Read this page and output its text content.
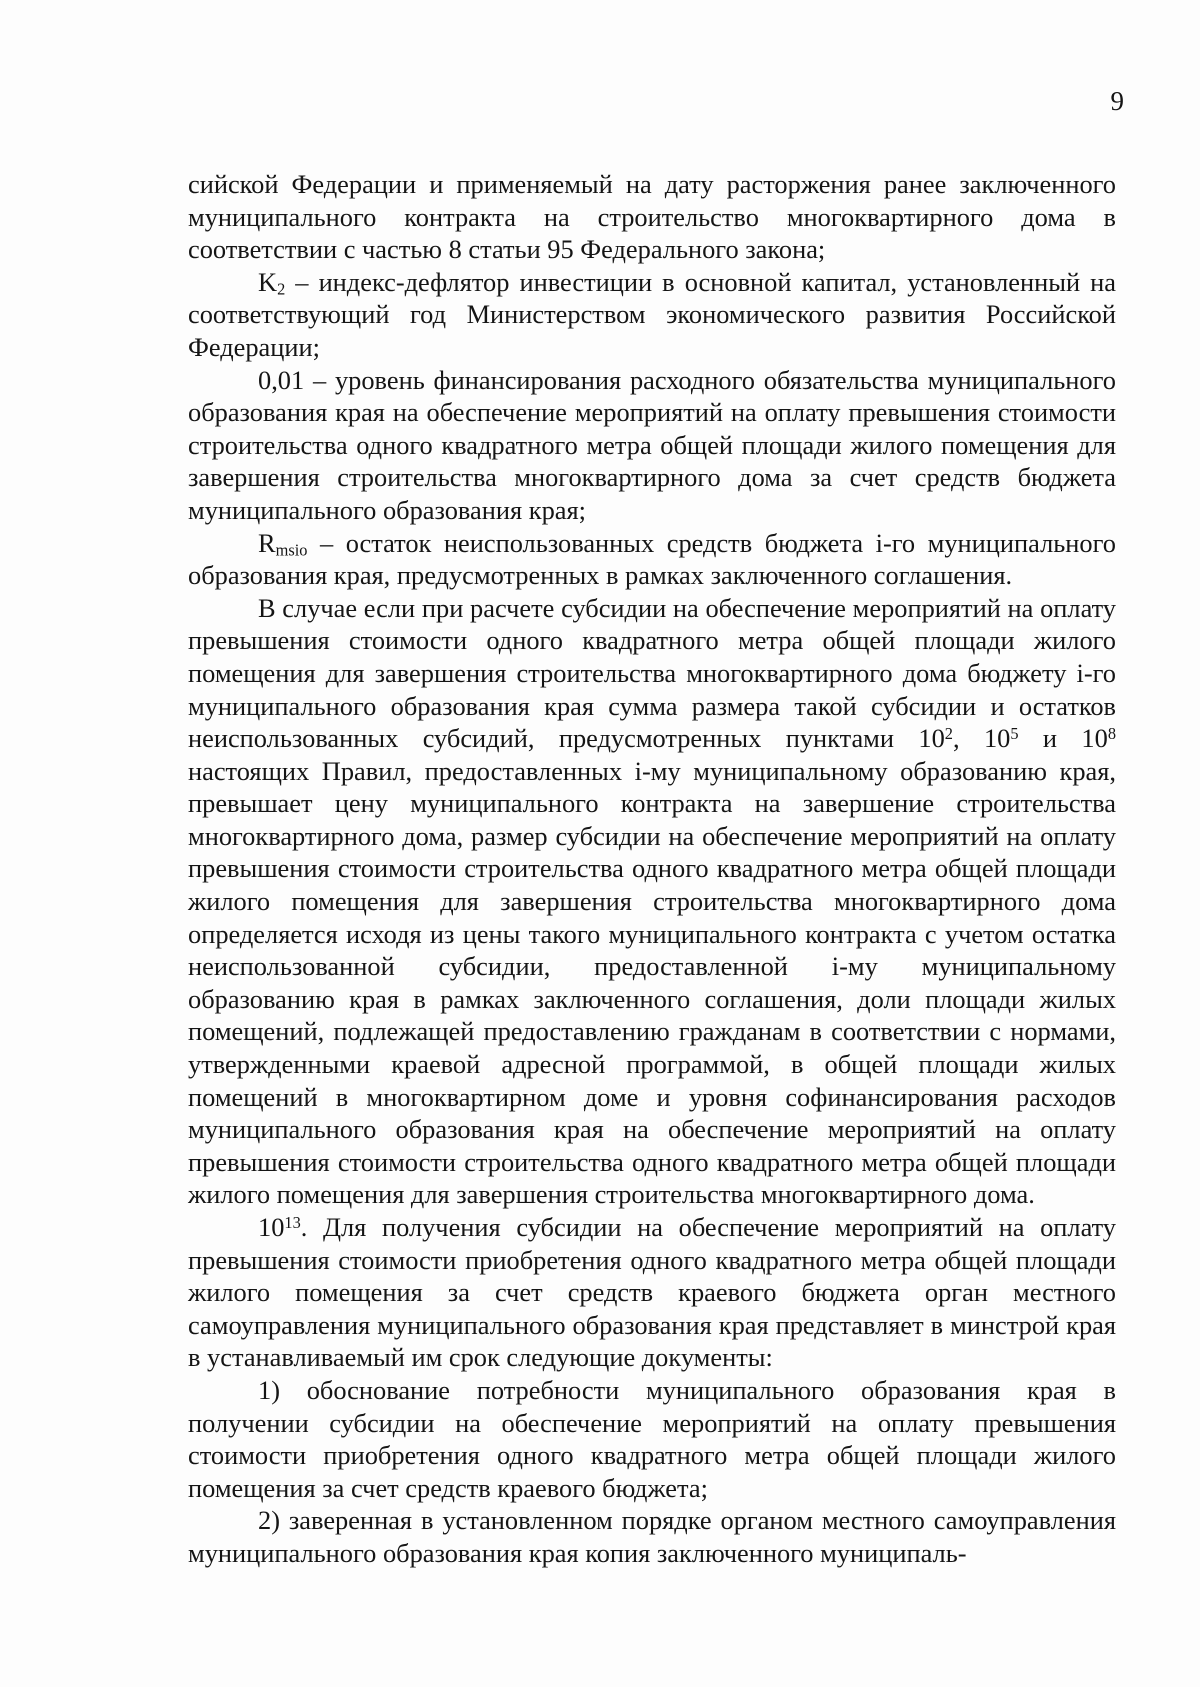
9

сийской Федерации и применяемый на дату расторжения ранее заключенного муниципального контракта на строительство многоквартирного дома в соответствии с частью 8 статьи 95 Федерального закона;

$K_2$ – индекс-дефлятор инвестиции в основной капитал, установленный на соответствующий год Министерством экономического развития Российской Федерации;

0,01 – уровень финансирования расходного обязательства муниципального образования края на обеспечение мероприятий на оплату превышения стоимости строительства одного квадратного метра общей площади жилого помещения для завершения строительства многоквартирного дома за счет средств бюджета муниципального образования края;

$R_{msio}$ – остаток неиспользованных средств бюджета i-го муниципального образования края, предусмотренных в рамках заключенного соглашения.

В случае если при расчете субсидии на обеспечение мероприятий на оплату превышения стоимости одного квадратного метра общей площади жилого помещения для завершения строительства многоквартирного дома бюджету i-го муниципального образования края сумма размера такой субсидии и остатков неиспользованных субсидий, предусмотренных пунктами $10^2$, $10^5$ и $10^8$ настоящих Правил, предоставленных i-му муниципальному образованию края, превышает цену муниципального контракта на завершение строительства многоквартирного дома, размер субсидии на обеспечение мероприятий на оплату превышения стоимости строительства одного квадратного метра общей площади жилого помещения для завершения строительства многоквартирного дома определяется исходя из цены такого муниципального контракта с учетом остатка неиспользованной субсидии, предоставленной i-му муниципальному образованию края в рамках заключенного соглашения, доли площади жилых помещений, подлежащей предоставлению гражданам в соответствии с нормами, утвержденными краевой адресной программой, в общей площади жилых помещений в многоквартирном доме и уровня софинансирования расходов муниципального образования края на обеспечение мероприятий на оплату превышения стоимости строительства одного квадратного метра общей площади жилого помещения для завершения строительства многоквартирного дома.

$10^{13}$. Для получения субсидии на обеспечение мероприятий на оплату превышения стоимости приобретения одного квадратного метра общей площади жилого помещения за счет средств краевого бюджета орган местного самоуправления муниципального образования края представляет в минстрой края в устанавливаемый им срок следующие документы:

1) обоснование потребности муниципального образования края в получении субсидии на обеспечение мероприятий на оплату превышения стоимости приобретения одного квадратного метра общей площади жилого помещения за счет средств краевого бюджета;

2) заверенная в установленном порядке органом местного самоуправления муниципального образования края копия заключенного муниципаль-
